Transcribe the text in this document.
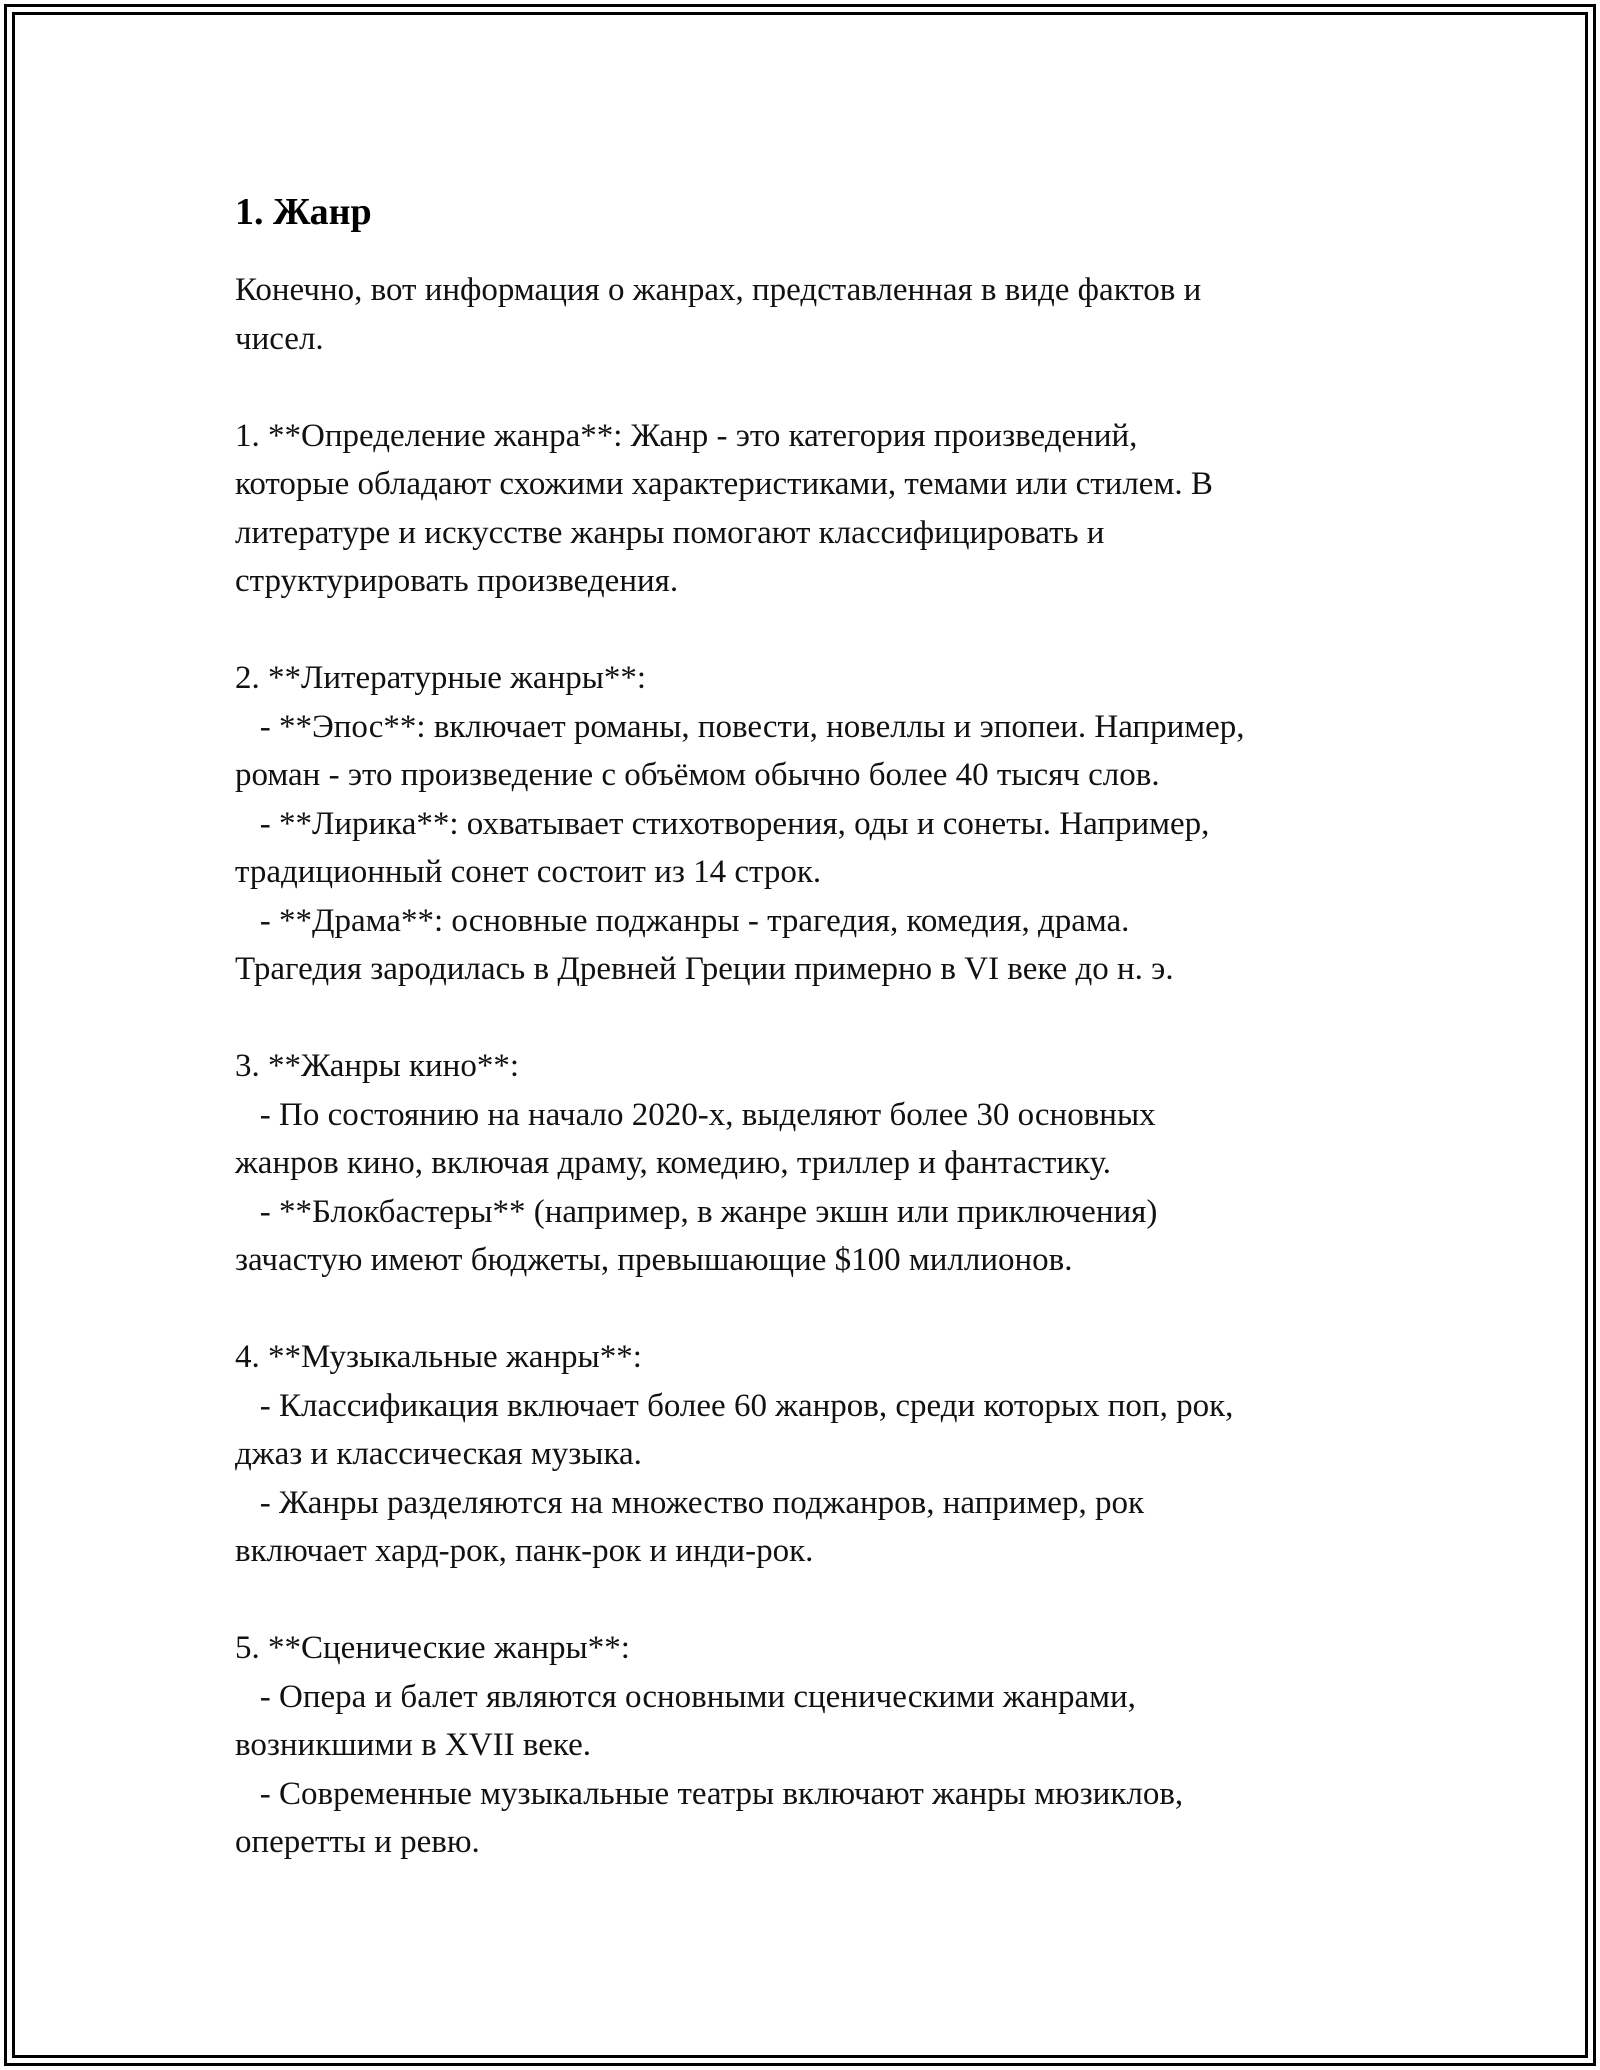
1. Жанр
Конечно, вот информация о жанрах, представленная в виде фактов и
чисел.
1. **Определение жанра**: Жанр - это категория произведений,
которые обладают схожими характеристиками, темами или стилем. В
литературе и искусстве жанры помогают классифицировать и
структурировать произведения.
2. **Литературные жанры**:
- **Эпос**: включает романы, повести, новеллы и эпопеи. Например,
роман - это произведение с объёмом обычно более 40 тысяч слов.
- **Лирика**: охватывает стихотворения, оды и сонеты. Например,
традиционный сонет состоит из 14 строк.
- **Драма**: основные поджанры - трагедия, комедия, драма.
Трагедия зародилась в Древней Греции примерно в VI веке до н. э.
3. **Жанры кино**:
- По состоянию на начало 2020-х, выделяют более 30 основных
жанров кино, включая драму, комедию, триллер и фантастику.
- **Блокбастеры** (например, в жанре экшн или приключения)
зачастую имеют бюджеты, превышающие $100 миллионов.
4. **Музыкальные жанры**:
- Классификация включает более 60 жанров, среди которых поп, рок,
джаз и классическая музыка.
- Жанры разделяются на множество поджанров, например, рок
включает хард-рок, панк-рок и инди-рок.
5. **Сценические жанры**:
- Опера и балет являются основными сценическими жанрами,
возникшими в XVII веке.
- Современные музыкальные театры включают жанры мюзиклов,
оперетты и ревю.
